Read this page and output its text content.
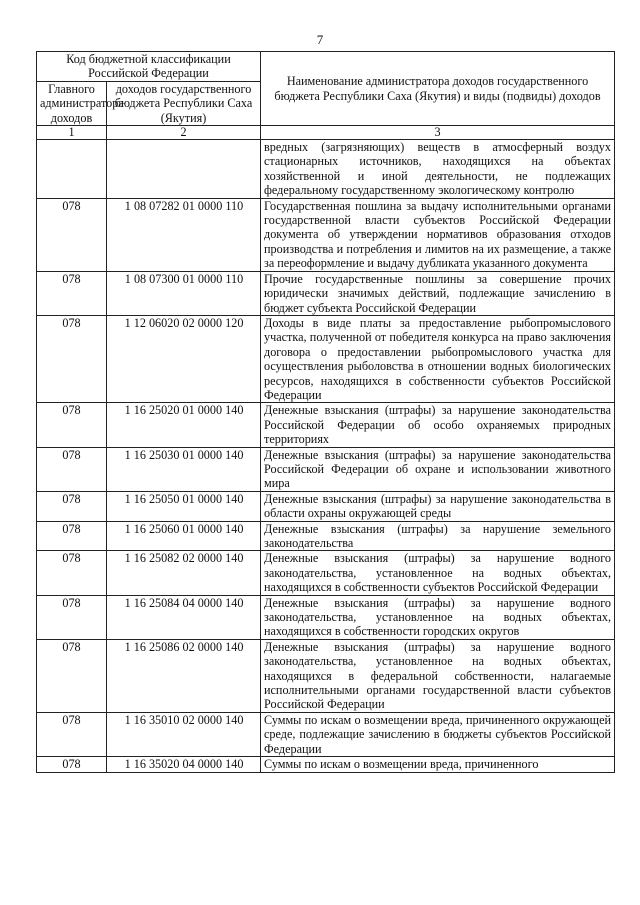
7
Код бюджетной классификации Российской Федерации		Наименование администратора доходов государственного бюджета Республики Саха (Якутия) и виды (подвиды) доходов
Главного администратора доходов	доходов государственного бюджета Республики Саха (Якутия)	
1	2	3
		вредных (загрязняющих) веществ в атмосферный воздух стационарных источников, находящихся на объектах хозяйственной и иной деятельности, не подлежащих федеральному государственному экологическому контролю
078	1 08 07282 01 0000 110	Государственная пошлина за выдачу исполнительными органами государственной власти субъектов Российской Федерации документа об утверждении нормативов образования отходов производства и потребления и лимитов на их размещение, а также за переоформление и выдачу дубликата указанного документа
078	1 08 07300 01 0000 110	Прочие государственные пошлины за совершение прочих юридически значимых действий, подлежащие зачислению в бюджет субъекта Российской Федерации
078	1 12 06020 02 0000 120	Доходы в виде платы за предоставление рыбопромыслового участка, полученной от победителя конкурса на право заключения договора о предоставлении рыбопромыслового участка для осуществления рыболовства в отношении водных биологических ресурсов, находящихся в собственности субъектов Российской Федерации
078	1 16 25020 01 0000 140	Денежные взыскания (штрафы) за нарушение законодательства Российской Федерации об особо охраняемых природных территориях
078	1 16 25030 01 0000 140	Денежные взыскания (штрафы) за нарушение законодательства Российской Федерации об охране и использовании животного мира
078	1 16 25050 01 0000 140	Денежные взыскания (штрафы) за нарушение законодательства в области охраны окружающей среды
078	1 16 25060 01 0000 140	Денежные взыскания (штрафы) за нарушение земельного законодательства
078	1 16 25082 02 0000 140	Денежные взыскания (штрафы) за нарушение водного законодательства, установленное на водных объектах, находящихся в собственности субъектов Российской Федерации
078	1 16 25084 04 0000 140	Денежные взыскания (штрафы) за нарушение водного законодательства, установленное на водных объектах, находящихся в собственности городских округов
078	1 16 25086 02 0000 140	Денежные взыскания (штрафы) за нарушение водного законодательства, установленное на водных объектах, находящихся в федеральной собственности, налагаемые исполнительными органами государственной власти субъектов Российской Федерации
078	1 16 35010 02 0000 140	Суммы по искам о возмещении вреда, причиненного окружающей среде, подлежащие зачислению в бюджеты субъектов Российской Федерации
078	1 16 35020 04 0000 140	Суммы по искам о возмещении вреда, причиненного
